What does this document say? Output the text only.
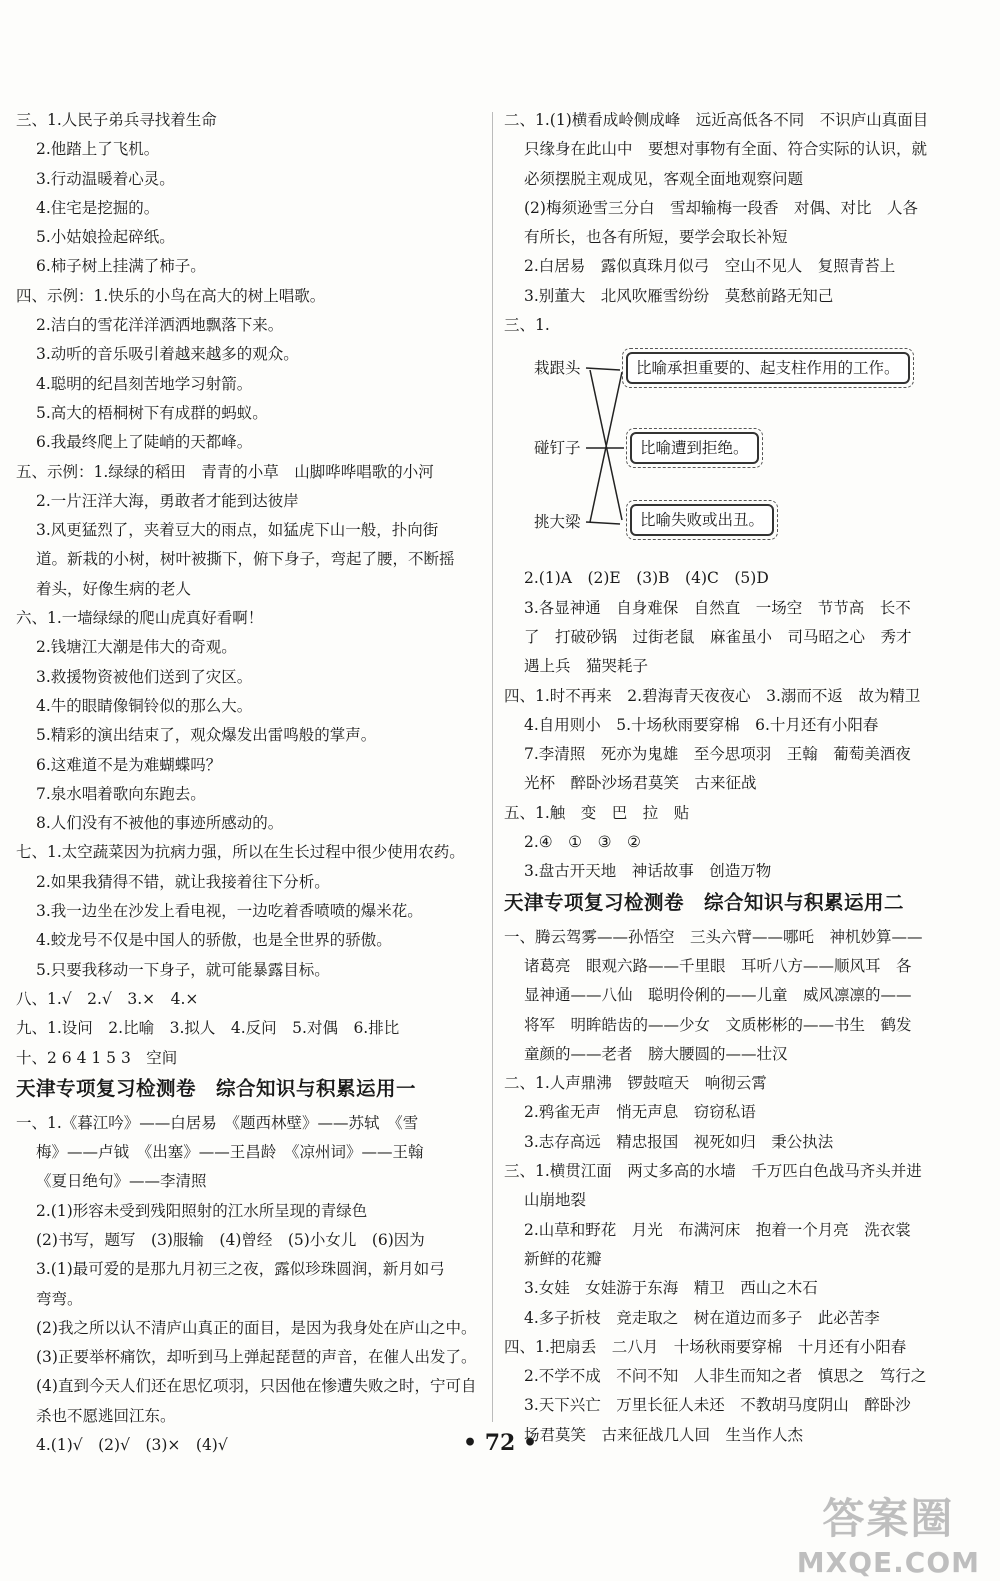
三、1.人民子弟兵寻找着生命
2.他踏上了飞机。
3.行动温暖着心灵。
4.住宅是挖掘的。
5.小姑娘捡起碎纸。
6.柿子树上挂满了柿子。
四、示例：1.快乐的小鸟在高大的树上唱歌。
2.洁白的雪花洋洋洒洒地飘落下来。
3.动听的音乐吸引着越来越多的观众。
4.聪明的纪昌刻苦地学习射箭。
5.高大的梧桐树下有成群的蚂蚁。
6.我最终爬上了陡峭的天都峰。
五、示例：1.绿绿的稻田　青青的小草　山脚哗哗唱歌的小河
2.一片汪洋大海，勇敢者才能到达彼岸
3.风更猛烈了，夹着豆大的雨点，如猛虎下山一般，扑向街
道。新栽的小树，树叶被撕下，俯下身子，弯起了腰，不断摇
着头，好像生病的老人
六、1.一墙绿绿的爬山虎真好看啊！
2.钱塘江大潮是伟大的奇观。
3.救援物资被他们送到了灾区。
4.牛的眼睛像铜铃似的那么大。
5.精彩的演出结束了，观众爆发出雷鸣般的掌声。
6.这难道不是为难蝴蝶吗？
7.泉水唱着歌向东跑去。
8.人们没有不被他的事迹所感动的。
七、1.太空蔬菜因为抗病力强，所以在生长过程中很少使用农药。
2.如果我猜得不错，就让我接着往下分析。
3.我一边坐在沙发上看电视，一边吃着香喷喷的爆米花。
4.蛟龙号不仅是中国人的骄傲，也是全世界的骄傲。
5.只要我移动一下身子，就可能暴露目标。
八、1.√　2.√　3.×　4.×
九、1.设问　2.比喻　3.拟人　4.反问　5.对偶　6.排比
十、2 6 4 1 5 3　空间
天津专项复习检测卷　综合知识与积累运用一
一、1.《暮江吟》——白居易　《题西林壁》——苏轼　《雪
梅》——卢钺　《出塞》——王昌龄　《凉州词》——王翰
《夏日绝句》——李清照
2.(1)形容未受到残阳照射的江水所呈现的青绿色
(2)书写，题写　(3)服输　(4)曾经　(5)小女儿　(6)因为
3.(1)最可爱的是那九月初三之夜，露似珍珠圆润，新月如弓
弯弯。
(2)我之所以认不清庐山真正的面目，是因为我身处在庐山之中。
(3)正要举杯痛饮，却听到马上弹起琵琶的声音，在催人出发了。
(4)直到今天人们还在思忆项羽，只因他在惨遭失败之时，宁可自
杀也不愿逃回江东。
4.(1)√　(2)√　(3)×　(4)√
二、1.(1)横看成岭侧成峰　远近高低各不同　不识庐山真面目
只缘身在此山中　要想对事物有全面、符合实际的认识，就
必须摆脱主观成见，客观全面地观察问题
(2)梅须逊雪三分白　雪却输梅一段香　对偶、对比　人各
有所长，也各有所短，要学会取长补短
2.白居易　露似真珠月似弓　空山不见人　复照青苔上
3.别董大　北风吹雁雪纷纷　莫愁前路无知己
三、1.
栽跟头
碰钉子
挑大梁
比喻承担重要的、起支柱作用的工作。
比喻遭到拒绝。
比喻失败或出丑。
2.(1)A　(2)E　(3)B　(4)C　(5)D
3.各显神通　自身难保　自然直　一场空　节节高　长不
了　打破砂锅　过街老鼠　麻雀虽小　司马昭之心　秀才
遇上兵　猫哭耗子
四、1.时不再来　2.碧海青天夜夜心　3.溺而不返　故为精卫
4.自用则小　5.十场秋雨要穿棉　6.十月还有小阳春
7.李清照　死亦为鬼雄　至今思项羽　王翰　葡萄美酒夜
光杯　醉卧沙场君莫笑　古来征战
五、1.触　变　巴　拉　贴
2.④　①　③　②
3.盘古开天地　神话故事　创造万物
天津专项复习检测卷　综合知识与积累运用二
一、腾云驾雾——孙悟空　三头六臂——哪吒　神机妙算——
诸葛亮　眼观六路——千里眼　耳听八方——顺风耳　各
显神通——八仙　聪明伶俐的——儿童　威风凛凛的——
将军　明眸皓齿的——少女　文质彬彬的——书生　鹤发
童颜的——老者　膀大腰圆的——壮汉
二、1.人声鼎沸　锣鼓喧天　响彻云霄
2.鸦雀无声　悄无声息　窃窃私语
3.志存高远　精忠报国　视死如归　秉公执法
三、1.横贯江面　两丈多高的水墙　千万匹白色战马齐头并进
山崩地裂
2.山草和野花　月光　布满河床　抱着一个月亮　洗衣裳
新鲜的花瓣
3.女娃　女娃游于东海　精卫　西山之木石
4.多子折枝　竞走取之　树在道边而多子　此必苦李
四、1.把扇丢　二八月　十场秋雨要穿棉　十月还有小阳春
2.不学不成　不问不知　人非生而知之者　慎思之　笃行之
3.天下兴亡　万里长征人未还　不教胡马度阴山　醉卧沙
场君莫笑　古来征战几人回　生当作人杰
• 72 •
答案圈
MXQE.COM
